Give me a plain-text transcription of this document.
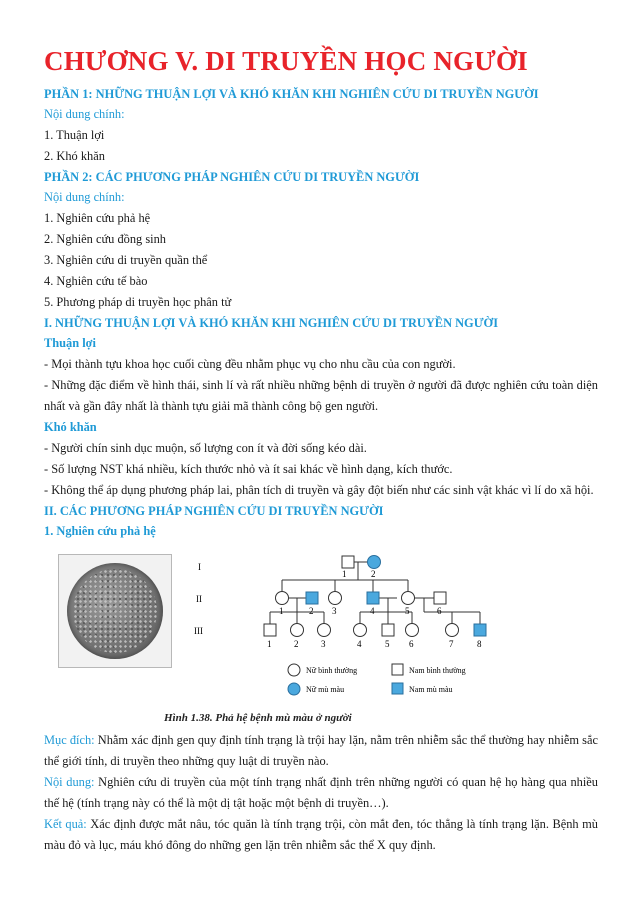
CHƯƠNG V. DI TRUYỀN HỌC NGƯỜI
PHẦN 1: NHỮNG THUẬN LỢI VÀ KHÓ KHĂN KHI NGHIÊN CỨU DI TRUYỀN NGƯỜI
Nội dung chính:

1. Thuận lợi

2. Khó khăn

PHẦN 2: CÁC PHƯƠNG PHÁP NGHIÊN CỨU DI TRUYỀN NGƯỜI
Nội dung chính:

1. Nghiên cứu phả hệ

2. Nghiên cứu đồng sinh

3. Nghiên cứu di truyền quần thể

4. Nghiên cứu tế bào

5. Phương pháp di truyền học phân tử

I. NHỮNG THUẬN LỢI VÀ KHÓ KHĂN KHI NGHIÊN CỨU DI TRUYỀN NGƯỜI
Thuận lợi

- Mọi thành tựu khoa học cuối cùng đều nhằm phục vụ cho nhu cầu của con người.

- Những đặc điểm về hình thái, sinh lí và rất nhiều những bệnh di truyền ở người đã được nghiên cứu toàn diện nhất và gần đây nhất là thành tựu giải mã thành công bộ gen người.

Khó khăn

- Người chín sinh dục muộn, số lượng con ít và đời sống kéo dài.

- Số lượng NST khá nhiều, kích thước nhỏ và ít sai khác về hình dạng, kích thước.

- Không thể áp dụng phương pháp lai, phân tích di truyền và gây đột biến như các sinh vật khác vì lí do xã hội.

II. CÁC PHƯƠNG PHÁP NGHIÊN CỨU DI TRUYỀN NGƯỜI
1. Nghiên cứu phả hệ
I
II
III
1	2
1	2 3	4	5	6
1	2	3	4	5 6	7	8
Nữ bình thường	Nam bình thường
Nữ mù màu	Nam mù màu
Hình 1.38. Phả hệ bệnh mù màu ở người

Mục đích: Nhằm xác định gen quy định tính trạng là trội hay lặn, nằm trên nhiễm sắc thể thường hay nhiễm sắc thể giới tính, di truyền theo những quy luật di truyền nào.

Nội dung: Nghiên cứu di truyền của một tính trạng nhất định trên những người có quan hệ họ hàng qua nhiều thế hệ (tính trạng này có thể là một dị tật hoặc một bệnh di truyền…).

Kết quả: Xác định được mắt nâu, tóc quăn là tính trạng trội, còn mắt đen, tóc thẳng là tính trạng lặn. Bệnh mù màu đỏ và lục, máu khó đông do những gen lặn trên nhiễm sắc thể X quy định.
